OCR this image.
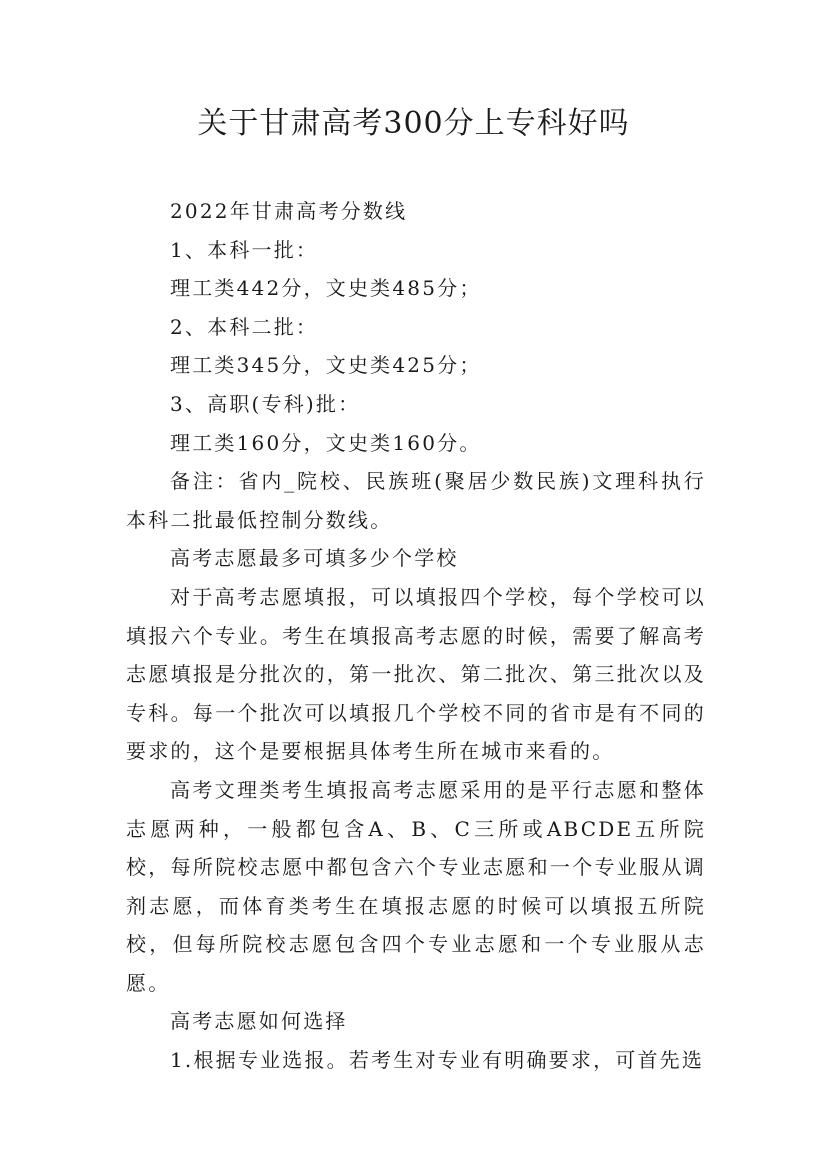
关于甘肃高考300分上专科好吗

2022年甘肃高考分数线

1、本科一批：

理工类442分，文史类485分；

2、本科二批：

理工类345分，文史类425分；

3、高职(专科)批：

理工类160分，文史类160分。

备注：省内_院校、民族班(聚居少数民族)文理科执行本科二批最低控制分数线。

高考志愿最多可填多少个学校

对于高考志愿填报，可以填报四个学校，每个学校可以填报六个专业。考生在填报高考志愿的时候，需要了解高考志愿填报是分批次的，第一批次、第二批次、第三批次以及专科。每一个批次可以填报几个学校不同的省市是有不同的要求的，这个是要根据具体考生所在城市来看的。

高考文理类考生填报高考志愿采用的是平行志愿和整体志愿两种，一般都包含A、B、C三所或ABCDE五所院校，每所院校志愿中都包含六个专业志愿和一个专业服从调剂志愿，而体育类考生在填报志愿的时候可以填报五所院校，但每所院校志愿包含四个专业志愿和一个专业服从志愿。

高考志愿如何选择

1.根据专业选报。若考生对专业有明确要求，可首先选
